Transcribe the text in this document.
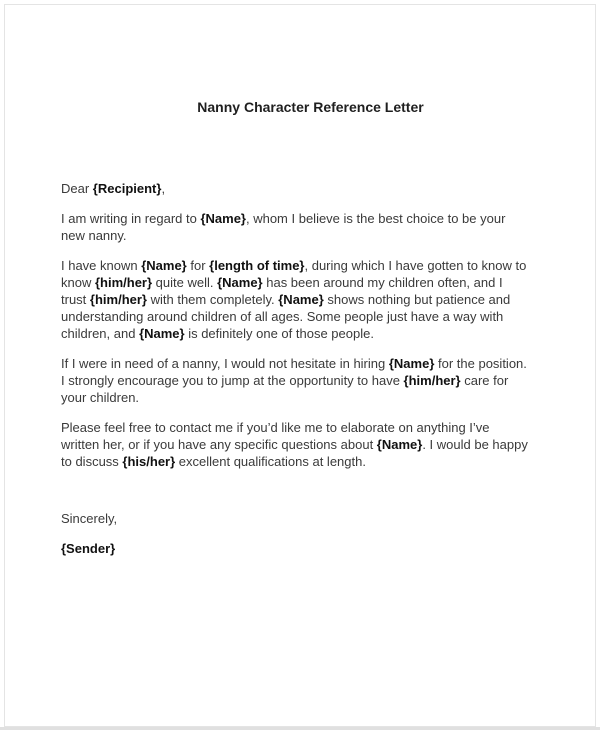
Nanny Character Reference Letter

Dear {Recipient},

I am writing in regard to {Name}, whom I believe is the best choice to be your
new nanny.

I have known {Name} for {length of time}, during which I have gotten to know to
know {him/her} quite well. {Name} has been around my children often, and I
trust {him/her} with them completely. {Name} shows nothing but patience and
understanding around children of all ages. Some people just have a way with
children, and {Name} is definitely one of those people.

If I were in need of a nanny, I would not hesitate in hiring {Name} for the position.
I strongly encourage you to jump at the opportunity to have {him/her} care for
your children.

Please feel free to contact me if you’d like me to elaborate on anything I’ve
written her, or if you have any specific questions about {Name}. I would be happy
to discuss {his/her} excellent qualifications at length.

Sincerely,

{Sender}
